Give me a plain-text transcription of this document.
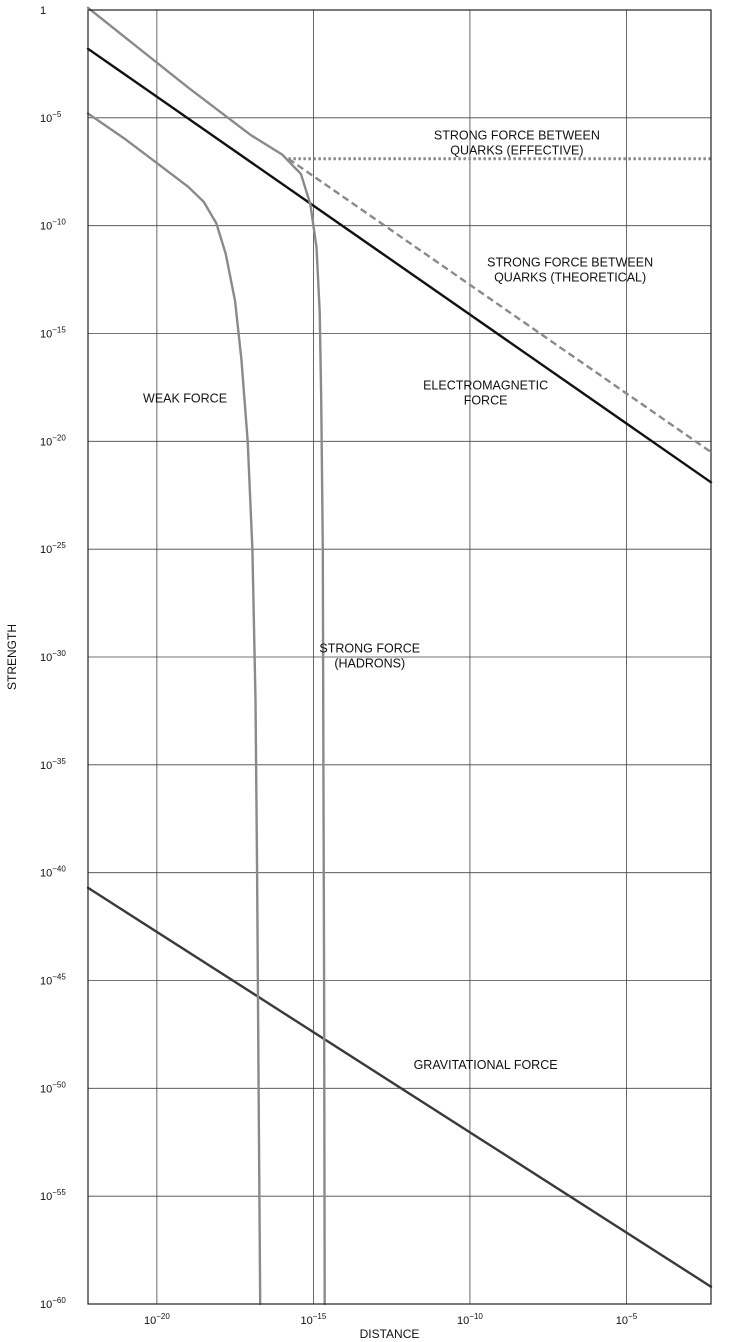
$10^{-20}$	$10^{-15}$	$10^{-10}$	$10^{-5}$
1
$10^{-5}$
$10^{-10}$
$10^{-15}$
$10^{-20}$
$10^{-25}$
$10^{-30}$
$10^{-35}$
$10^{-40}$
$10^{-45}$
$10^{-50}$
$10^{-55}$
$10^{-60}$
ELECTROMAGNETIC FORCE
GRAVITATIONAL FORCE
WEAK FORCE
STRONG FORCE (HADRONS)
STRONG FORCE BETWEEN QUARKS (EFFECTIVE)
STRONG FORCE BETWEEN QUARKS (THEORETICAL)
DISTANCE
STRENGTH
